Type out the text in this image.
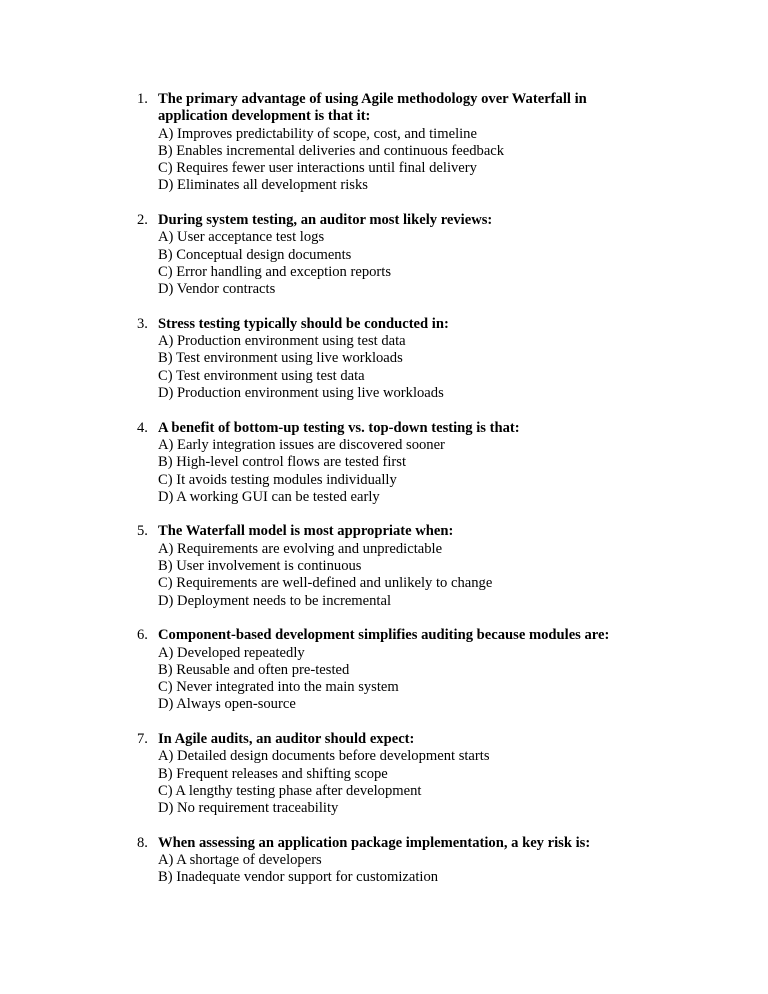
1. The primary advantage of using Agile methodology over Waterfall in application development is that it:
A) Improves predictability of scope, cost, and timeline
B) Enables incremental deliveries and continuous feedback
C) Requires fewer user interactions until final delivery
D) Eliminates all development risks
2. During system testing, an auditor most likely reviews:
A) User acceptance test logs
B) Conceptual design documents
C) Error handling and exception reports
D) Vendor contracts
3. Stress testing typically should be conducted in:
A) Production environment using test data
B) Test environment using live workloads
C) Test environment using test data
D) Production environment using live workloads
4. A benefit of bottom-up testing vs. top-down testing is that:
A) Early integration issues are discovered sooner
B) High-level control flows are tested first
C) It avoids testing modules individually
D) A working GUI can be tested early
5. The Waterfall model is most appropriate when:
A) Requirements are evolving and unpredictable
B) User involvement is continuous
C) Requirements are well-defined and unlikely to change
D) Deployment needs to be incremental
6. Component-based development simplifies auditing because modules are:
A) Developed repeatedly
B) Reusable and often pre-tested
C) Never integrated into the main system
D) Always open-source
7. In Agile audits, an auditor should expect:
A) Detailed design documents before development starts
B) Frequent releases and shifting scope
C) A lengthy testing phase after development
D) No requirement traceability
8. When assessing an application package implementation, a key risk is:
A) A shortage of developers
B) Inadequate vendor support for customization
